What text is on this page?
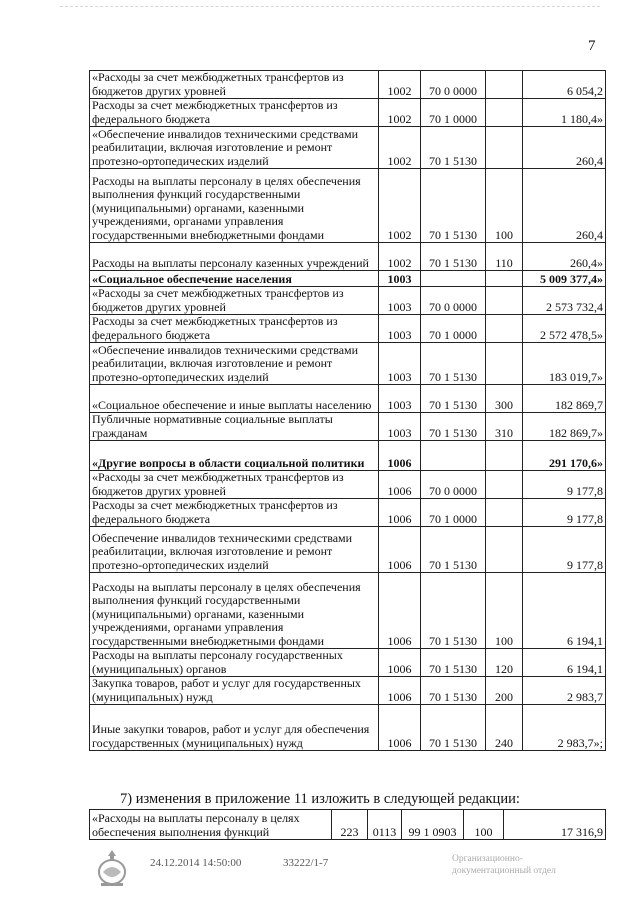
7
«Расходы за счет межбюджетных трансфертов из бюджетов других уровней	1002	70 0 0000		6 054,2
Расходы за счет межбюджетных трансфертов из федерального бюджета	1002	70 1 0000		1 180,4»
«Обеспечение инвалидов техническими средствами реабилитации, включая изготовление и ремонт протезно-ортопедических изделий	1002	70 1 5130		260,4
Расходы на выплаты персоналу в целях обеспечения выполнения функций государственными (муниципальными) органами, казенными учреждениями, органами управления государственными внебюджетными фондами	1002	70 1 5130	100	260,4
Расходы на выплаты персоналу казенных учреждений	1002	70 1 5130	110	260,4»
«Социальное обеспечение населения	1003			5 009 377,4»
«Расходы за счет межбюджетных трансфертов из бюджетов других уровней	1003	70 0 0000		2 573 732,4
Расходы за счет межбюджетных трансфертов из федерального бюджета	1003	70 1 0000		2 572 478,5»
«Обеспечение инвалидов техническими средствами реабилитации, включая изготовление и ремонт протезно-ортопедических изделий	1003	70 1 5130		183 019,7»
«Социальное обеспечение и иные выплаты населению	1003	70 1 5130	300	182 869,7
Публичные нормативные социальные выплаты гражданам	1003	70 1 5130	310	182 869,7»
«Другие вопросы в области социальной политики	1006			291 170,6»
«Расходы за счет межбюджетных трансфертов из бюджетов других уровней	1006	70 0 0000		9 177,8
Расходы за счет межбюджетных трансфертов из федерального бюджета	1006	70 1 0000		9 177,8
Обеспечение инвалидов техническими средствами реабилитации, включая изготовление и ремонт протезно-ортопедических изделий	1006	70 1 5130		9 177,8
Расходы на выплаты персоналу в целях обеспечения выполнения функций государственными (муниципальными) органами, казенными учреждениями, органами управления государственными внебюджетными фондами	1006	70 1 5130	100	6 194,1
Расходы на выплаты персоналу государственных (муниципальных) органов	1006	70 1 5130	120	6 194,1
Закупка товаров, работ и услуг для государственных (муниципальных) нужд	1006	70 1 5130	200	2 983,7
Иные закупки товаров, работ и услуг для обеспечения государственных (муниципальных) нужд	1006	70 1 5130	240	2 983,7»;
7) изменения в приложение 11 изложить в следующей редакции:
«Расходы на выплаты персоналу в целях обеспечения выполнения функций	223	0113	99 1 0903	100	17 316,9
24.12.2014 14:50:00	33222/1-7	Организационно-
документационный отдел
